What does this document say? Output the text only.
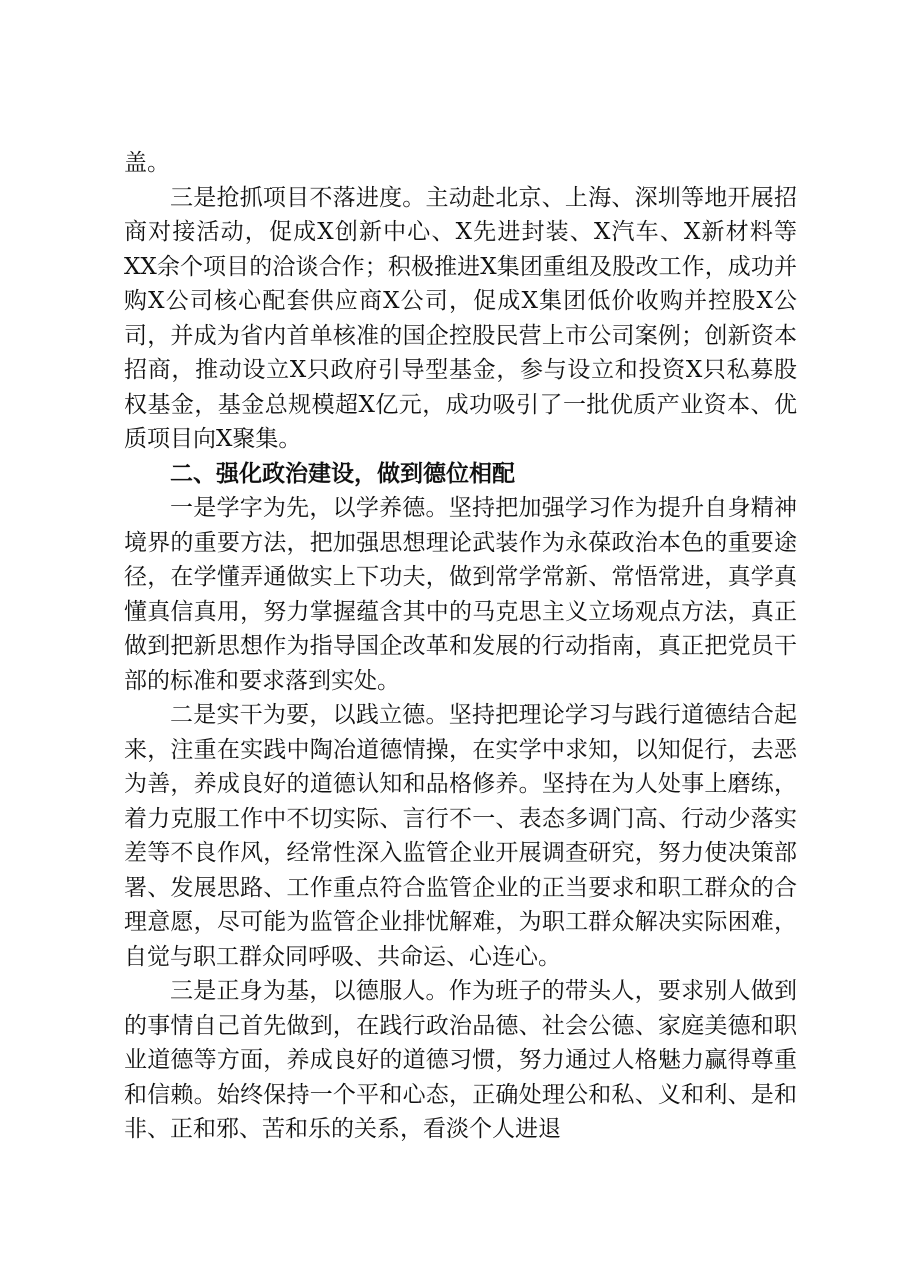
盖。

三是抢抓项目不落进度。主动赴北京、上海、深圳等地开展招商对接活动，促成X创新中心、X先进封装、X汽车、X新材料等XX余个项目的洽谈合作；积极推进X集团重组及股改工作，成功并购X公司核心配套供应商X公司，促成X集团低价收购并控股X公司，并成为省内首单核准的国企控股民营上市公司案例；创新资本招商，推动设立X只政府引导型基金，参与设立和投资X只私募股权基金，基金总规模超X亿元，成功吸引了一批优质产业资本、优质项目向X聚集。

二、强化政治建设，做到德位相配

一是学字为先，以学养德。坚持把加强学习作为提升自身精神境界的重要方法，把加强思想理论武装作为永葆政治本色的重要途径，在学懂弄通做实上下功夫，做到常学常新、常悟常进，真学真懂真信真用，努力掌握蕴含其中的马克思主义立场观点方法，真正做到把新思想作为指导国企改革和发展的行动指南，真正把党员干部的标准和要求落到实处。

二是实干为要，以践立德。坚持把理论学习与践行道德结合起来，注重在实践中陶冶道德情操，在实学中求知，以知促行，去恶为善，养成良好的道德认知和品格修养。坚持在为人处事上磨练，着力克服工作中不切实际、言行不一、表态多调门高、行动少落实差等不良作风，经常性深入监管企业开展调查研究，努力使决策部署、发展思路、工作重点符合监管企业的正当要求和职工群众的合理意愿，尽可能为监管企业排忧解难，为职工群众解决实际困难，自觉与职工群众同呼吸、共命运、心连心。

三是正身为基，以德服人。作为班子的带头人，要求别人做到的事情自己首先做到，在践行政治品德、社会公德、家庭美德和职业道德等方面，养成良好的道德习惯，努力通过人格魅力赢得尊重和信赖。始终保持一个平和心态，正确处理公和私、义和利、是和非、正和邪、苦和乐的关系，看淡个人进退
